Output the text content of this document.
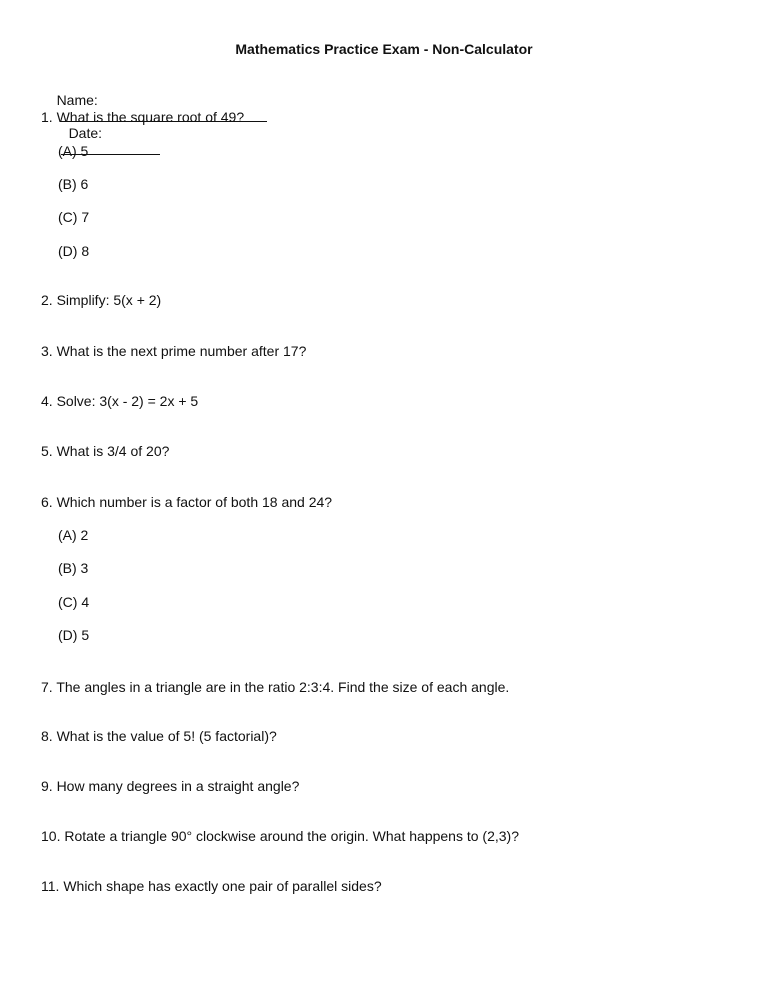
Mathematics Practice Exam - Non-Calculator

Name:

Date:

1. What is the square root of 49?
(A) 5
(B) 6
(C) 7
(D) 8
2. Simplify: 5(x + 2)
3. What is the next prime number after 17?
4. Solve: 3(x - 2) = 2x + 5
5. What is 3/4 of 20?
6. Which number is a factor of both 18 and 24?
(A) 2
(B) 3
(C) 4
(D) 5
7. The angles in a triangle are in the ratio 2:3:4. Find the size of each angle.
8. What is the value of 5! (5 factorial)?
9. How many degrees in a straight angle?
10. Rotate a triangle 90° clockwise around the origin. What happens to (2,3)?
11. Which shape has exactly one pair of parallel sides?
